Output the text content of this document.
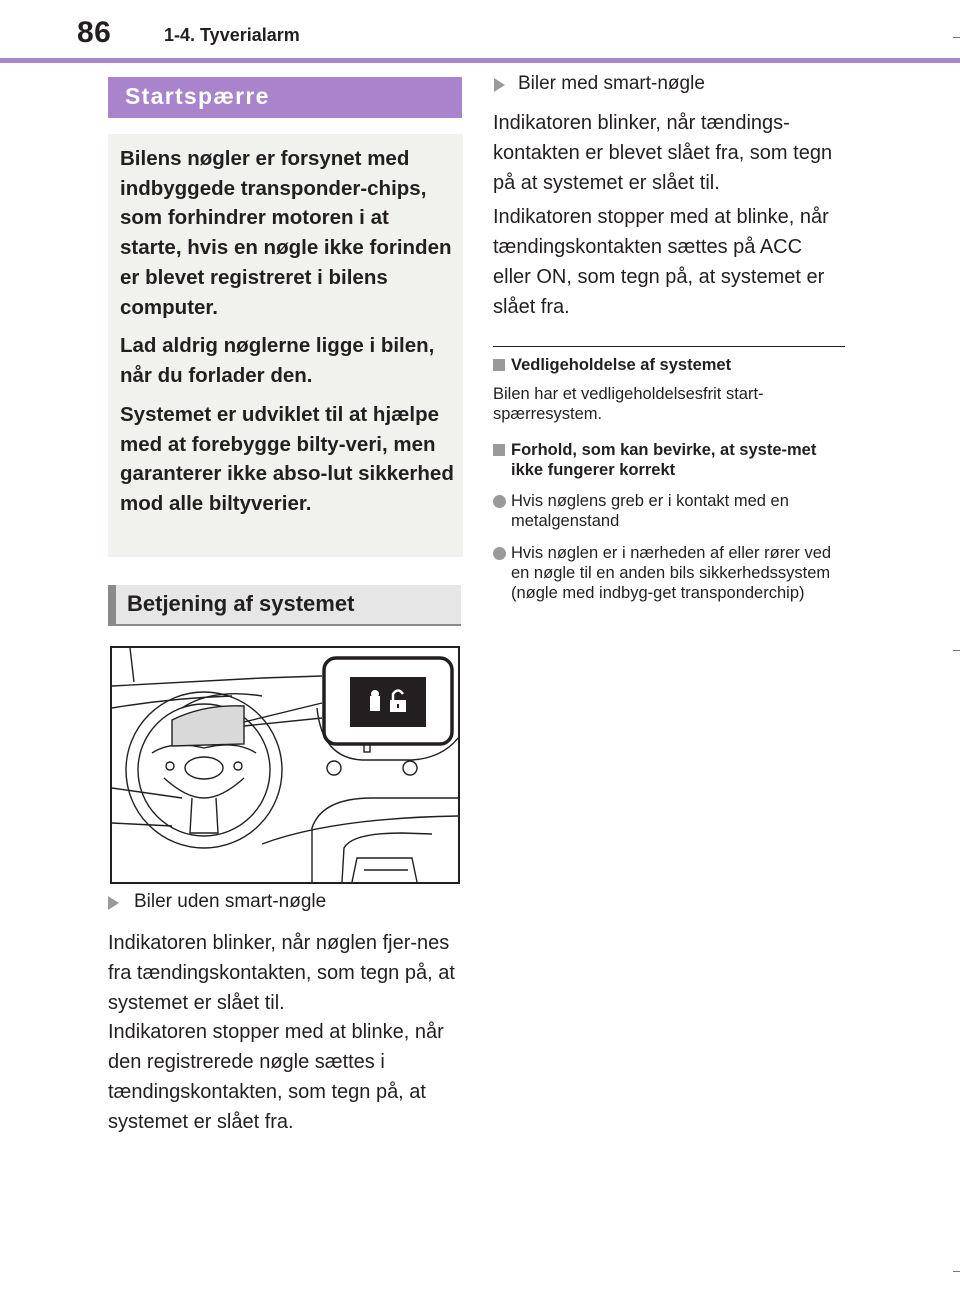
86	1-4. Tyverialarm
Startspærre

Bilens nøgler er forsynet med indbyggede transponder-chips, som forhindrer motoren i at starte, hvis en nøgle ikke forinden er blevet registreret i bilens computer.

Lad aldrig nøglerne ligge i bilen, når du forlader den.

Systemet er udviklet til at hjælpe med at forebygge bilty-veri, men garanterer ikke abso-lut sikkerhed mod alle biltyverier.

Betjening af systemet
Biler uden smart-nøgle

Indikatoren blinker, når nøglen fjer-nes fra tændingskontakten, som tegn på, at systemet er slået til.

Indikatoren stopper med at blinke, når den registrerede nøgle sættes i tændingskontakten, som tegn på, at systemet er slået fra.

Biler med smart-nøgle

Indikatoren blinker, når tændings-kontakten er blevet slået fra, som tegn på at systemet er slået til.

Indikatoren stopper med at blinke, når tændingskontakten sættes på ACC eller ON, som tegn på, at systemet er slået fra.

Vedligeholdelse af systemet

Bilen har et vedligeholdelsesfrit start-spærresystem.

Forhold, som kan bevirke, at syste-met ikke fungerer korrekt

Hvis nøglens greb er i kontakt med en metalgenstand

Hvis nøglen er i nærheden af eller rører ved en nøgle til en anden bils sikkerhedssystem (nøgle med indbyg-get transponderchip)
